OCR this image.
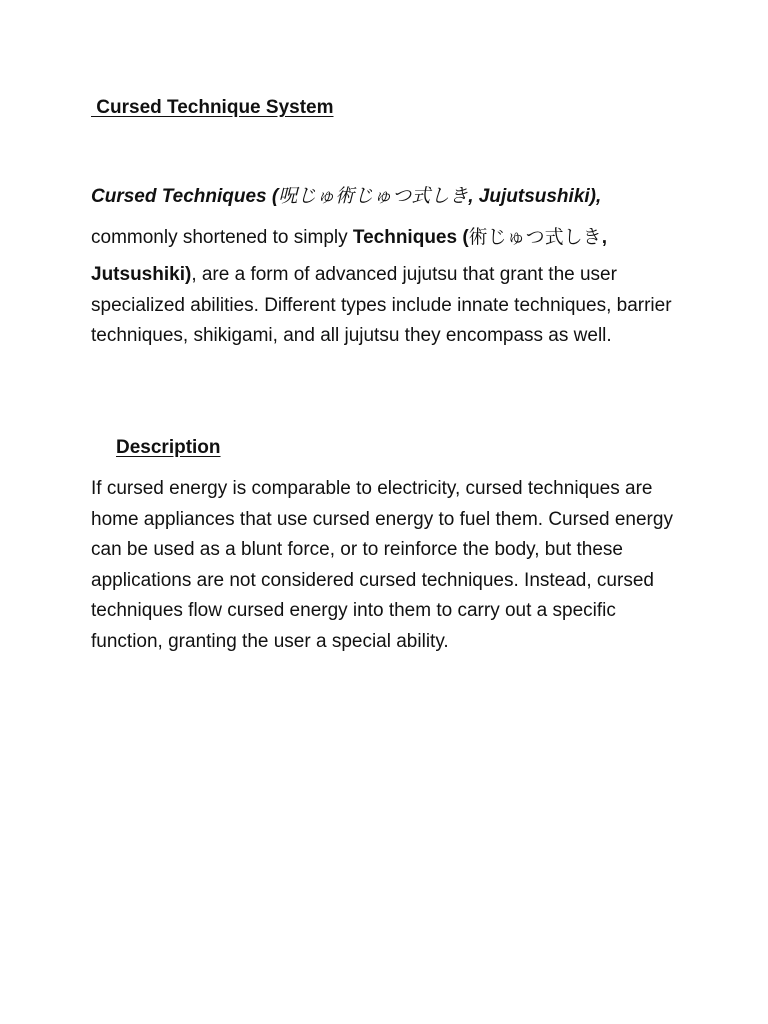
Cursed Technique System
Cursed Techniques (呪じゅ術じゅつ式しき, Jujutsushiki),
commonly shortened to simply Techniques (術じゅつ式しき,
Jutsushiki), are a form of advanced jujutsu that grant the user specialized abilities. Different types include innate techniques, barrier techniques, shikigami, and all jujutsu they encompass as well.
Description
If cursed energy is comparable to electricity, cursed techniques are home appliances that use cursed energy to fuel them. Cursed energy can be used as a blunt force, or to reinforce the body, but these applications are not considered cursed techniques. Instead, cursed techniques flow cursed energy into them to carry out a specific function, granting the user a special ability.
